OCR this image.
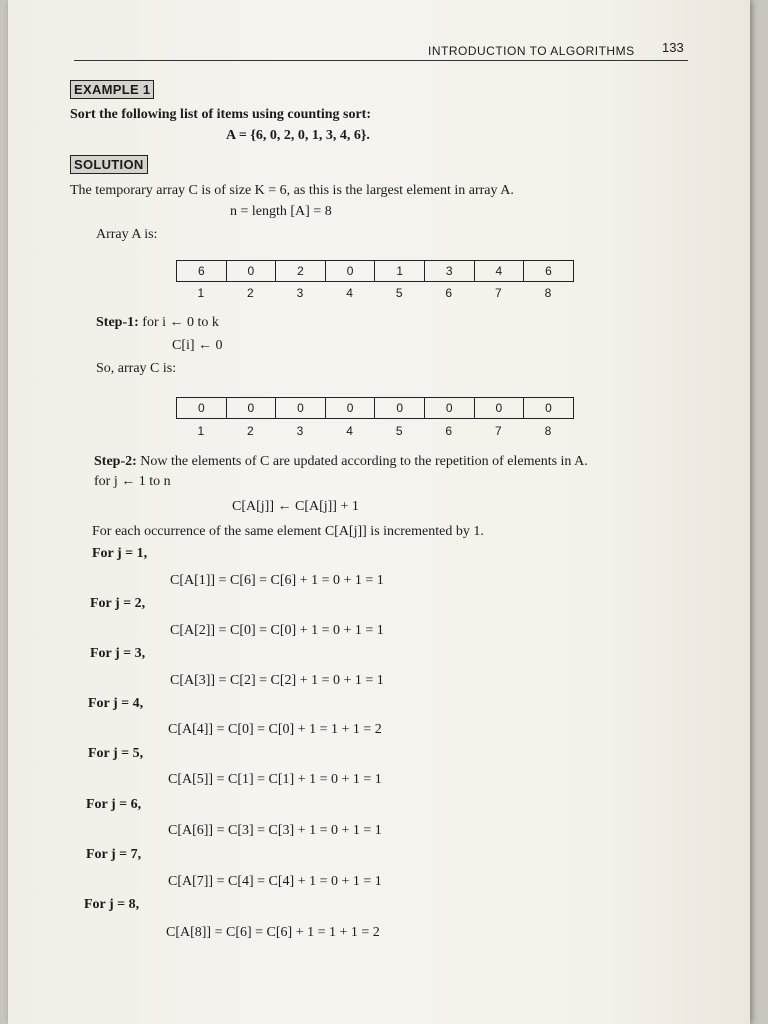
INTRODUCTION TO ALGORITHMS 133
EXAMPLE 1
Sort the following list of items using counting sort:
A = {6, 0, 2, 0, 1, 3, 4, 6}.
SOLUTION
The temporary array C is of size K = 6, as this is the largest element in array A.
n = length [A] = 8
Array A is:
6	0	2	0	1	3	4	6
1	2	3	4	5	6	7	8
Step-1: for i ← 0 to k
C[i] ← 0
So, array C is:
0	0	0	0	0	0	0	0
1	2	3	4	5	6	7	8
Step-2: Now the elements of C are updated according to the repetition of elements in A.
for j ← 1 to n
C[A[j]] ← C[A[j]] + 1
For each occurrence of the same element C[A[j]] is incremented by 1.
For j = 1,
C[A[1]] = C[6] = C[6] + 1 = 0 + 1 = 1
For j = 2,
C[A[2]] = C[0] = C[0] + 1 = 0 + 1 = 1
For j = 3,
C[A[3]] = C[2] = C[2] + 1 = 0 + 1 = 1
For j = 4,
C[A[4]] = C[0] = C[0] + 1 = 1 + 1 = 2
For j = 5,
C[A[5]] = C[1] = C[1] + 1 = 0 + 1 = 1
For j = 6,
C[A[6]] = C[3] = C[3] + 1 = 0 + 1 = 1
For j = 7,
C[A[7]] = C[4] = C[4] + 1 = 0 + 1 = 1
For j = 8,
C[A[8]] = C[6] = C[6] + 1 = 1 + 1 = 2
